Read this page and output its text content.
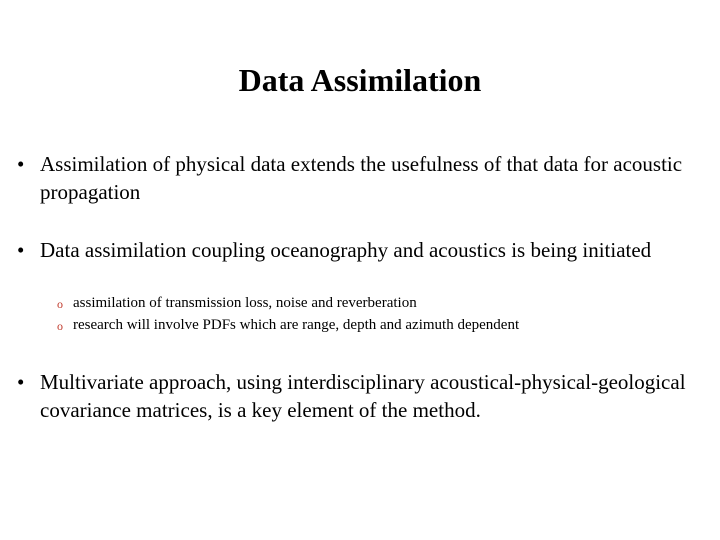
Data Assimilation
• Assimilation of physical data extends the usefulness of that data for acoustic propagation
• Data assimilation coupling oceanography and acoustics is being initiated
o assimilation of transmission loss, noise and reverberation
o research will involve PDFs which are range, depth and azimuth dependent
• Multivariate approach, using interdisciplinary acoustical-physical-geological covariance matrices, is a key element of the method.
